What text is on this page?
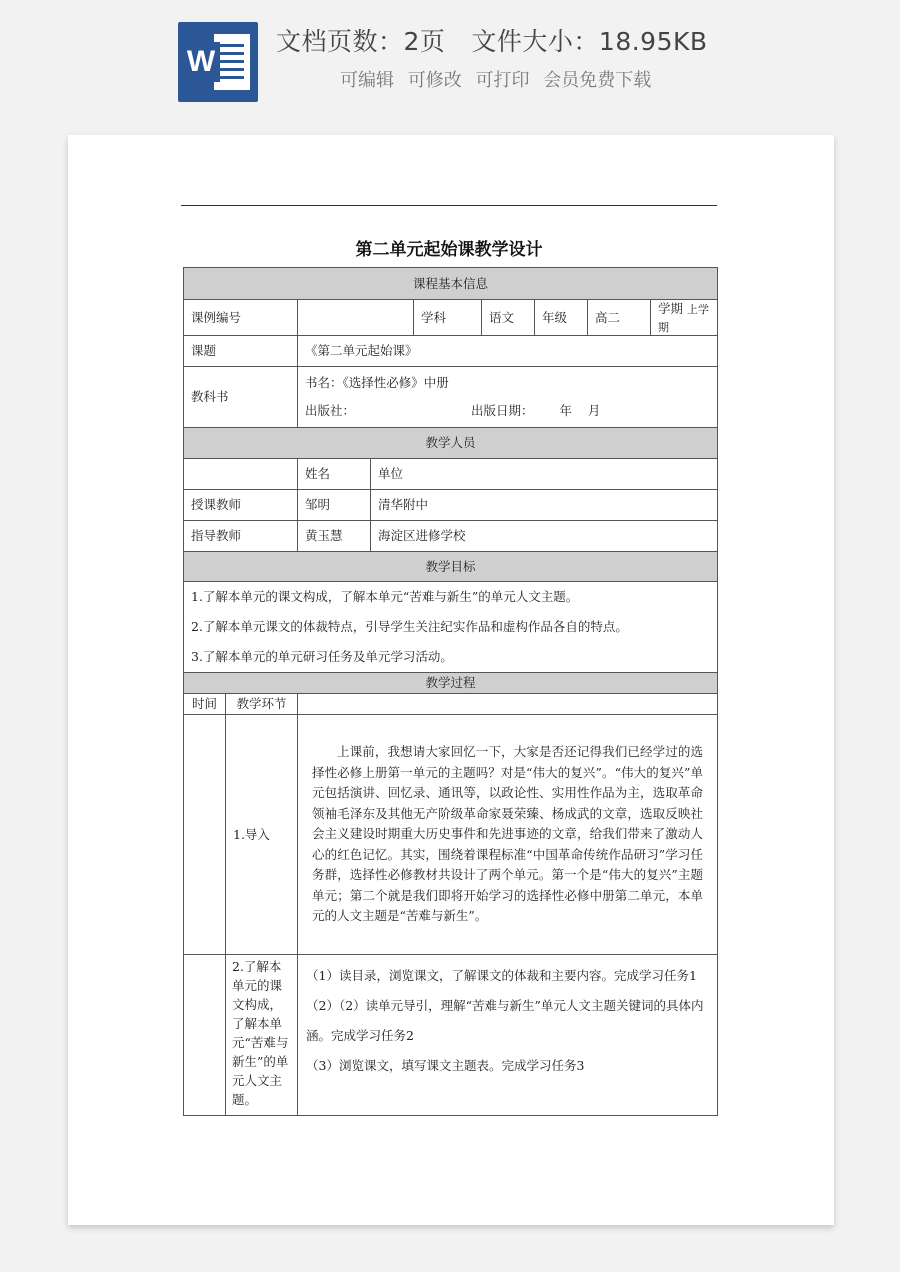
W
文档页数：2页 文件大小：18.95KB
可编辑 可修改 可打印 会员免费下载
第二单元起始课教学设计
课程基本信息								
课例编号				学科	语文	年级	高二	学期 上学期
课题		《第二单元起始课》						
教科书		书名：《选择性必修》中册
出版社： 出版日期： 年    月						

教学人员								
		姓名	单位					
授课教师		邹明	清华附中					
指导教师		黄玉慧	海淀区进修学校					
教学目标								

1.了解本单元的课文构成，了解本单元“苦难与新生”的单元人文主题。
2.了解本单元课文的体裁特点，引导学生关注纪实作品和虚构作品各自的特点。
3.了解本单元的单元研习任务及单元学习活动。								

教学过程								
时间	教学环节							
	1.导入	上课前，我想请大家回忆一下，大家是否还记得我们已经学过的选择性必修上册第一单元的主题吗？对是“伟大的复兴”。“伟大的复兴”单元包括演讲、回忆录、通讯等，以政论性、实用性作品为主，选取革命领袖毛泽东及其他无产阶级革命家聂荣臻、杨成武的文章，选取反映社会主义建设时期重大历史事件和先进事迹的文章，给我们带来了激动人心的红色记忆。其实，围绕着课程标准“中国革命传统作品研习”学习任务群，选择性必修教材共设计了两个单元。第一个是“伟大的复兴”主题单元；第二个就是我们即将开始学习的选择性必修中册第二单元，本单元的人文主题是“苦难与新生”。						

	2.了解本单元的课文构成，了解本单元“苦难与新生”的单元人文主题。	（1）读目录，浏览课文，了解课文的体裁和主要内容。完成学习任务1

（2）（2）读单元导引，理解“苦难与新生”单元人文主题关键词的具体内涵。完成学习任务2

（3）浏览课文，填写课文主题表。完成学习任务3						
